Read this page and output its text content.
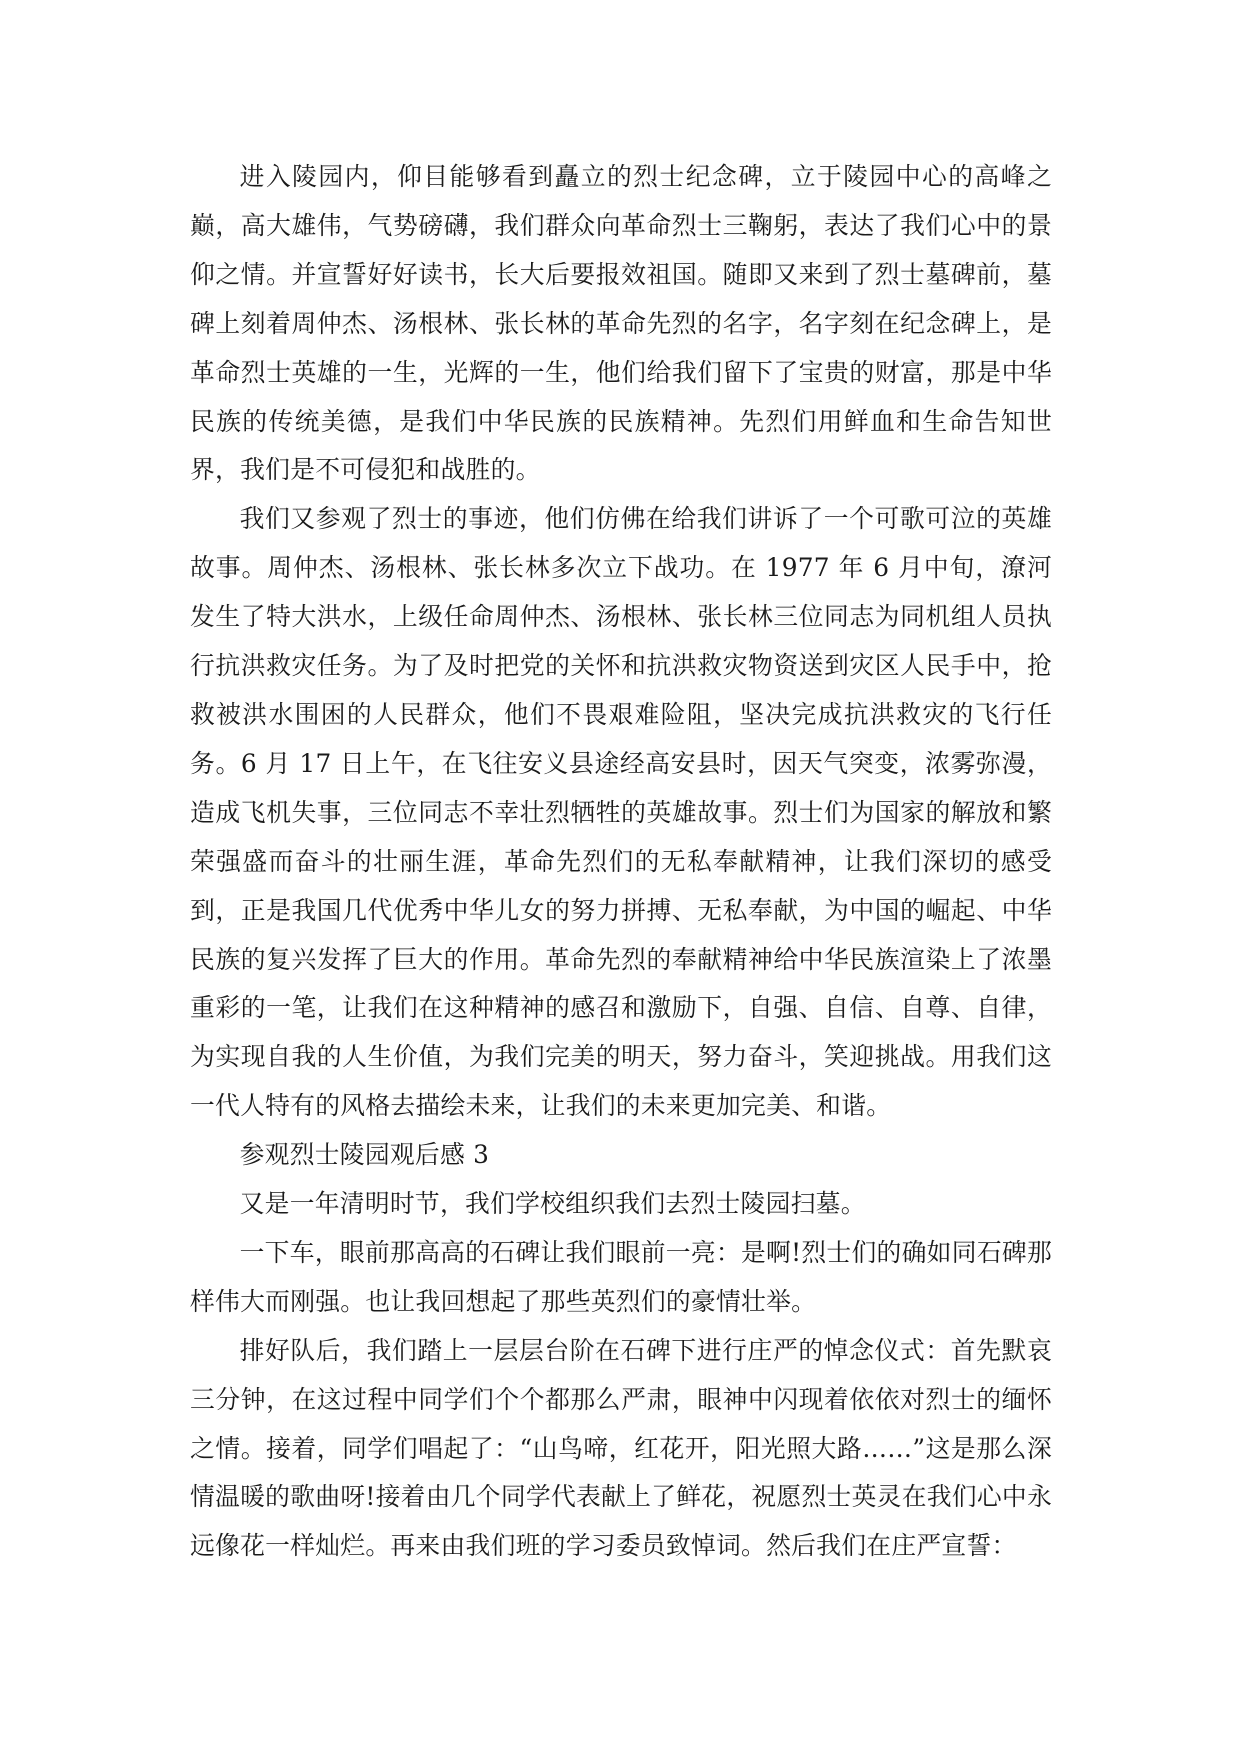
进入陵园内，仰目能够看到矗立的烈士纪念碑，立于陵园中心的高峰之巅，高大雄伟，气势磅礴，我们群众向革命烈士三鞠躬，表达了我们心中的景仰之情。并宣誓好好读书，长大后要报效祖国。随即又来到了烈士墓碑前，墓碑上刻着周仲杰、汤根林、张长林的革命先烈的名字，名字刻在纪念碑上，是革命烈士英雄的一生，光辉的一生，他们给我们留下了宝贵的财富，那是中华民族的传统美德，是我们中华民族的民族精神。先烈们用鲜血和生命告知世界，我们是不可侵犯和战胜的。

我们又参观了烈士的事迹，他们仿佛在给我们讲诉了一个可歌可泣的英雄故事。周仲杰、汤根林、张长林多次立下战功。在 1977 年 6 月中旬，潦河发生了特大洪水，上级任命周仲杰、汤根林、张长林三位同志为同机组人员执行抗洪救灾任务。为了及时把党的关怀和抗洪救灾物资送到灾区人民手中，抢救被洪水围困的人民群众，他们不畏艰难险阻，坚决完成抗洪救灾的飞行任务。6 月 17 日上午，在飞往安义县途经高安县时，因天气突变，浓雾弥漫，造成飞机失事，三位同志不幸壮烈牺牲的英雄故事。烈士们为国家的解放和繁荣强盛而奋斗的壮丽生涯，革命先烈们的无私奉献精神，让我们深切的感受到，正是我国几代优秀中华儿女的努力拼搏、无私奉献，为中国的崛起、中华民族的复兴发挥了巨大的作用。革命先烈的奉献精神给中华民族渲染上了浓墨重彩的一笔，让我们在这种精神的感召和激励下，自强、自信、自尊、自律，为实现自我的人生价值，为我们完美的明天，努力奋斗，笑迎挑战。用我们这一代人特有的风格去描绘未来，让我们的未来更加完美、和谐。

参观烈士陵园观后感 3

又是一年清明时节，我们学校组织我们去烈士陵园扫墓。

一下车，眼前那高高的石碑让我们眼前一亮：是啊!烈士们的确如同石碑那样伟大而刚强。也让我回想起了那些英烈们的豪情壮举。

排好队后，我们踏上一层层台阶在石碑下进行庄严的悼念仪式：首先默哀三分钟，在这过程中同学们个个都那么严肃，眼神中闪现着依依对烈士的缅怀之情。接着，同学们唱起了：“山鸟啼，红花开，阳光照大路……”这是那么深情温暖的歌曲呀!接着由几个同学代表献上了鲜花，祝愿烈士英灵在我们心中永远像花一样灿烂。再来由我们班的学习委员致悼词。然后我们在庄严宣誓：
